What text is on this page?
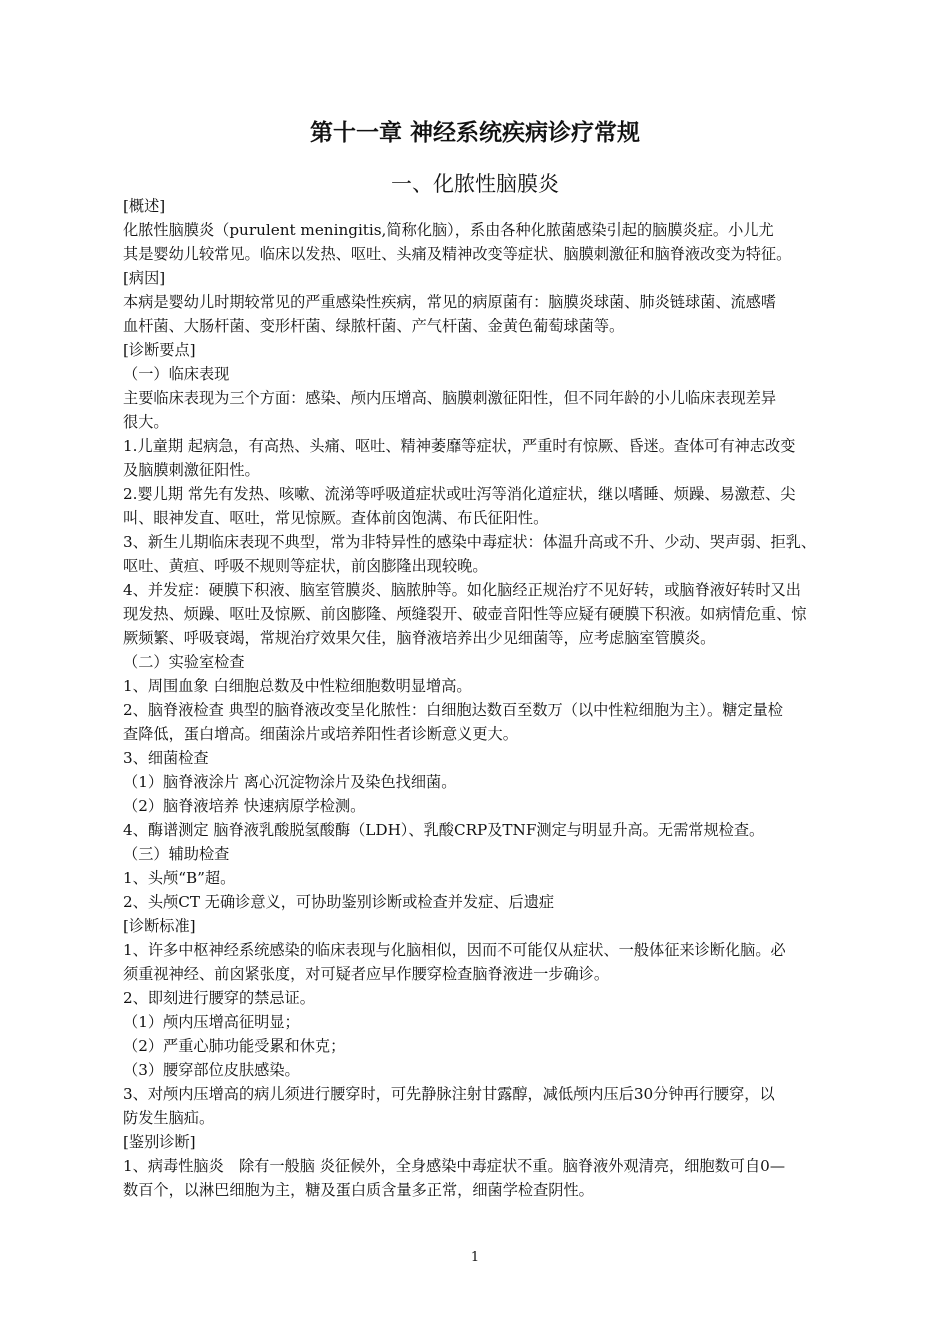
第十一章 神经系统疾病诊疗常规
一、化脓性脑膜炎
[概述]
化脓性脑膜炎（purulent meningitis,简称化脑），系由各种化脓菌感染引起的脑膜炎症。小儿尤
其是婴幼儿较常见。临床以发热、呕吐、头痛及精神改变等症状、脑膜刺激征和脑脊液改变为特征。
[病因]
本病是婴幼儿时期较常见的严重感染性疾病，常见的病原菌有：脑膜炎球菌、肺炎链球菌、流感嗜
血杆菌、大肠杆菌、变形杆菌、绿脓杆菌、产气杆菌、金黄色葡萄球菌等。
[诊断要点]
（一）临床表现
主要临床表现为三个方面：感染、颅内压增高、脑膜刺激征阳性，但不同年龄的小儿临床表现差异
很大。
1.儿童期 起病急，有高热、头痛、呕吐、精神萎靡等症状，严重时有惊厥、昏迷。查体可有神志改变
及脑膜刺激征阳性。
2.婴儿期 常先有发热、咳嗽、流涕等呼吸道症状或吐泻等消化道症状，继以嗜睡、烦躁、易激惹、尖
叫、眼神发直、呕吐，常见惊厥。查体前囟饱满、布氏征阳性。
3、新生儿期临床表现不典型，常为非特异性的感染中毒症状：体温升高或不升、少动、哭声弱、拒乳、
呕吐、黄疸、呼吸不规则等症状，前囟膨隆出现较晚。
4、并发症：硬膜下积液、脑室管膜炎、脑脓肿等。如化脑经正规治疗不见好转，或脑脊液好转时又出
现发热、烦躁、呕吐及惊厥、前囟膨隆、颅缝裂开、破壶音阳性等应疑有硬膜下积液。如病情危重、惊
厥频繁、呼吸衰竭，常规治疗效果欠佳，脑脊液培养出少见细菌等，应考虑脑室管膜炎。
（二）实验室检查
1、周围血象 白细胞总数及中性粒细胞数明显增高。
2、脑脊液检查 典型的脑脊液改变呈化脓性：白细胞达数百至数万（以中性粒细胞为主）。糖定量检
查降低，蛋白增高。细菌涂片或培养阳性者诊断意义更大。
3、细菌检查
（1）脑脊液涂片 离心沉淀物涂片及染色找细菌。
（2）脑脊液培养 快速病原学检测。
4、酶谱测定 脑脊液乳酸脱氢酸酶（LDH）、乳酸CRP及TNF测定与明显升高。无需常规检查。
（三）辅助检查
1、头颅“B”超。
2、头颅CT 无确诊意义，可协助鉴别诊断或检查并发症、后遗症
[诊断标准]
1、许多中枢神经系统感染的临床表现与化脑相似，因而不可能仅从症状、一般体征来诊断化脑。必
须重视神经、前囟紧张度，对可疑者应早作腰穿检查脑脊液进一步确诊。
2、即刻进行腰穿的禁忌证。
（1）颅内压增高征明显；
（2）严重心肺功能受累和休克；
（3）腰穿部位皮肤感染。
3、对颅内压增高的病儿须进行腰穿时，可先静脉注射甘露醇，减低颅内压后30分钟再行腰穿，以
防发生脑疝。
[鉴别诊断]
1、病毒性脑炎　除有一般脑 炎征候外，全身感染中毒症状不重。脑脊液外观清亮，细胞数可自0—
数百个，以淋巴细胞为主，糖及蛋白质含量多正常，细菌学检查阴性。
1
